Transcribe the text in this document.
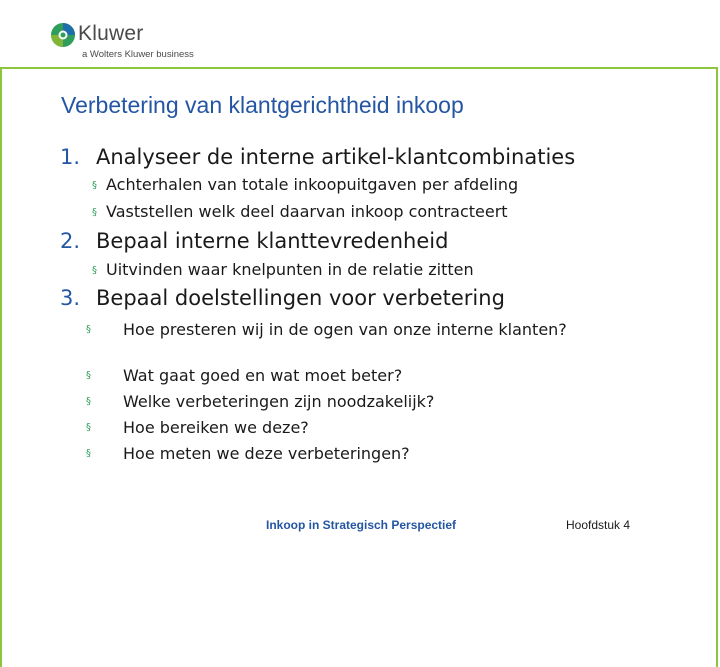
Kluwer
a Wolters Kluwer business
Verbetering van klantgerichtheid inkoop
1. Analyseer de interne artikel-klantcombinaties
§ Achterhalen van totale inkoopuitgaven per afdeling
§ Vaststellen welk deel daarvan inkoop contracteert
2. Bepaal interne klanttevredenheid
§ Uitvinden waar knelpunten in de relatie zitten
3. Bepaal doelstellingen voor verbetering
§ Hoe presteren wij in de ogen van onze interne klanten?
§ Wat gaat goed en wat moet beter?
§ Welke verbeteringen zijn noodzakelijk?
§ Hoe bereiken we deze?
§ Hoe meten we deze verbeteringen?
Inkoop in Strategisch Perspectief	Hoofdstuk 4
